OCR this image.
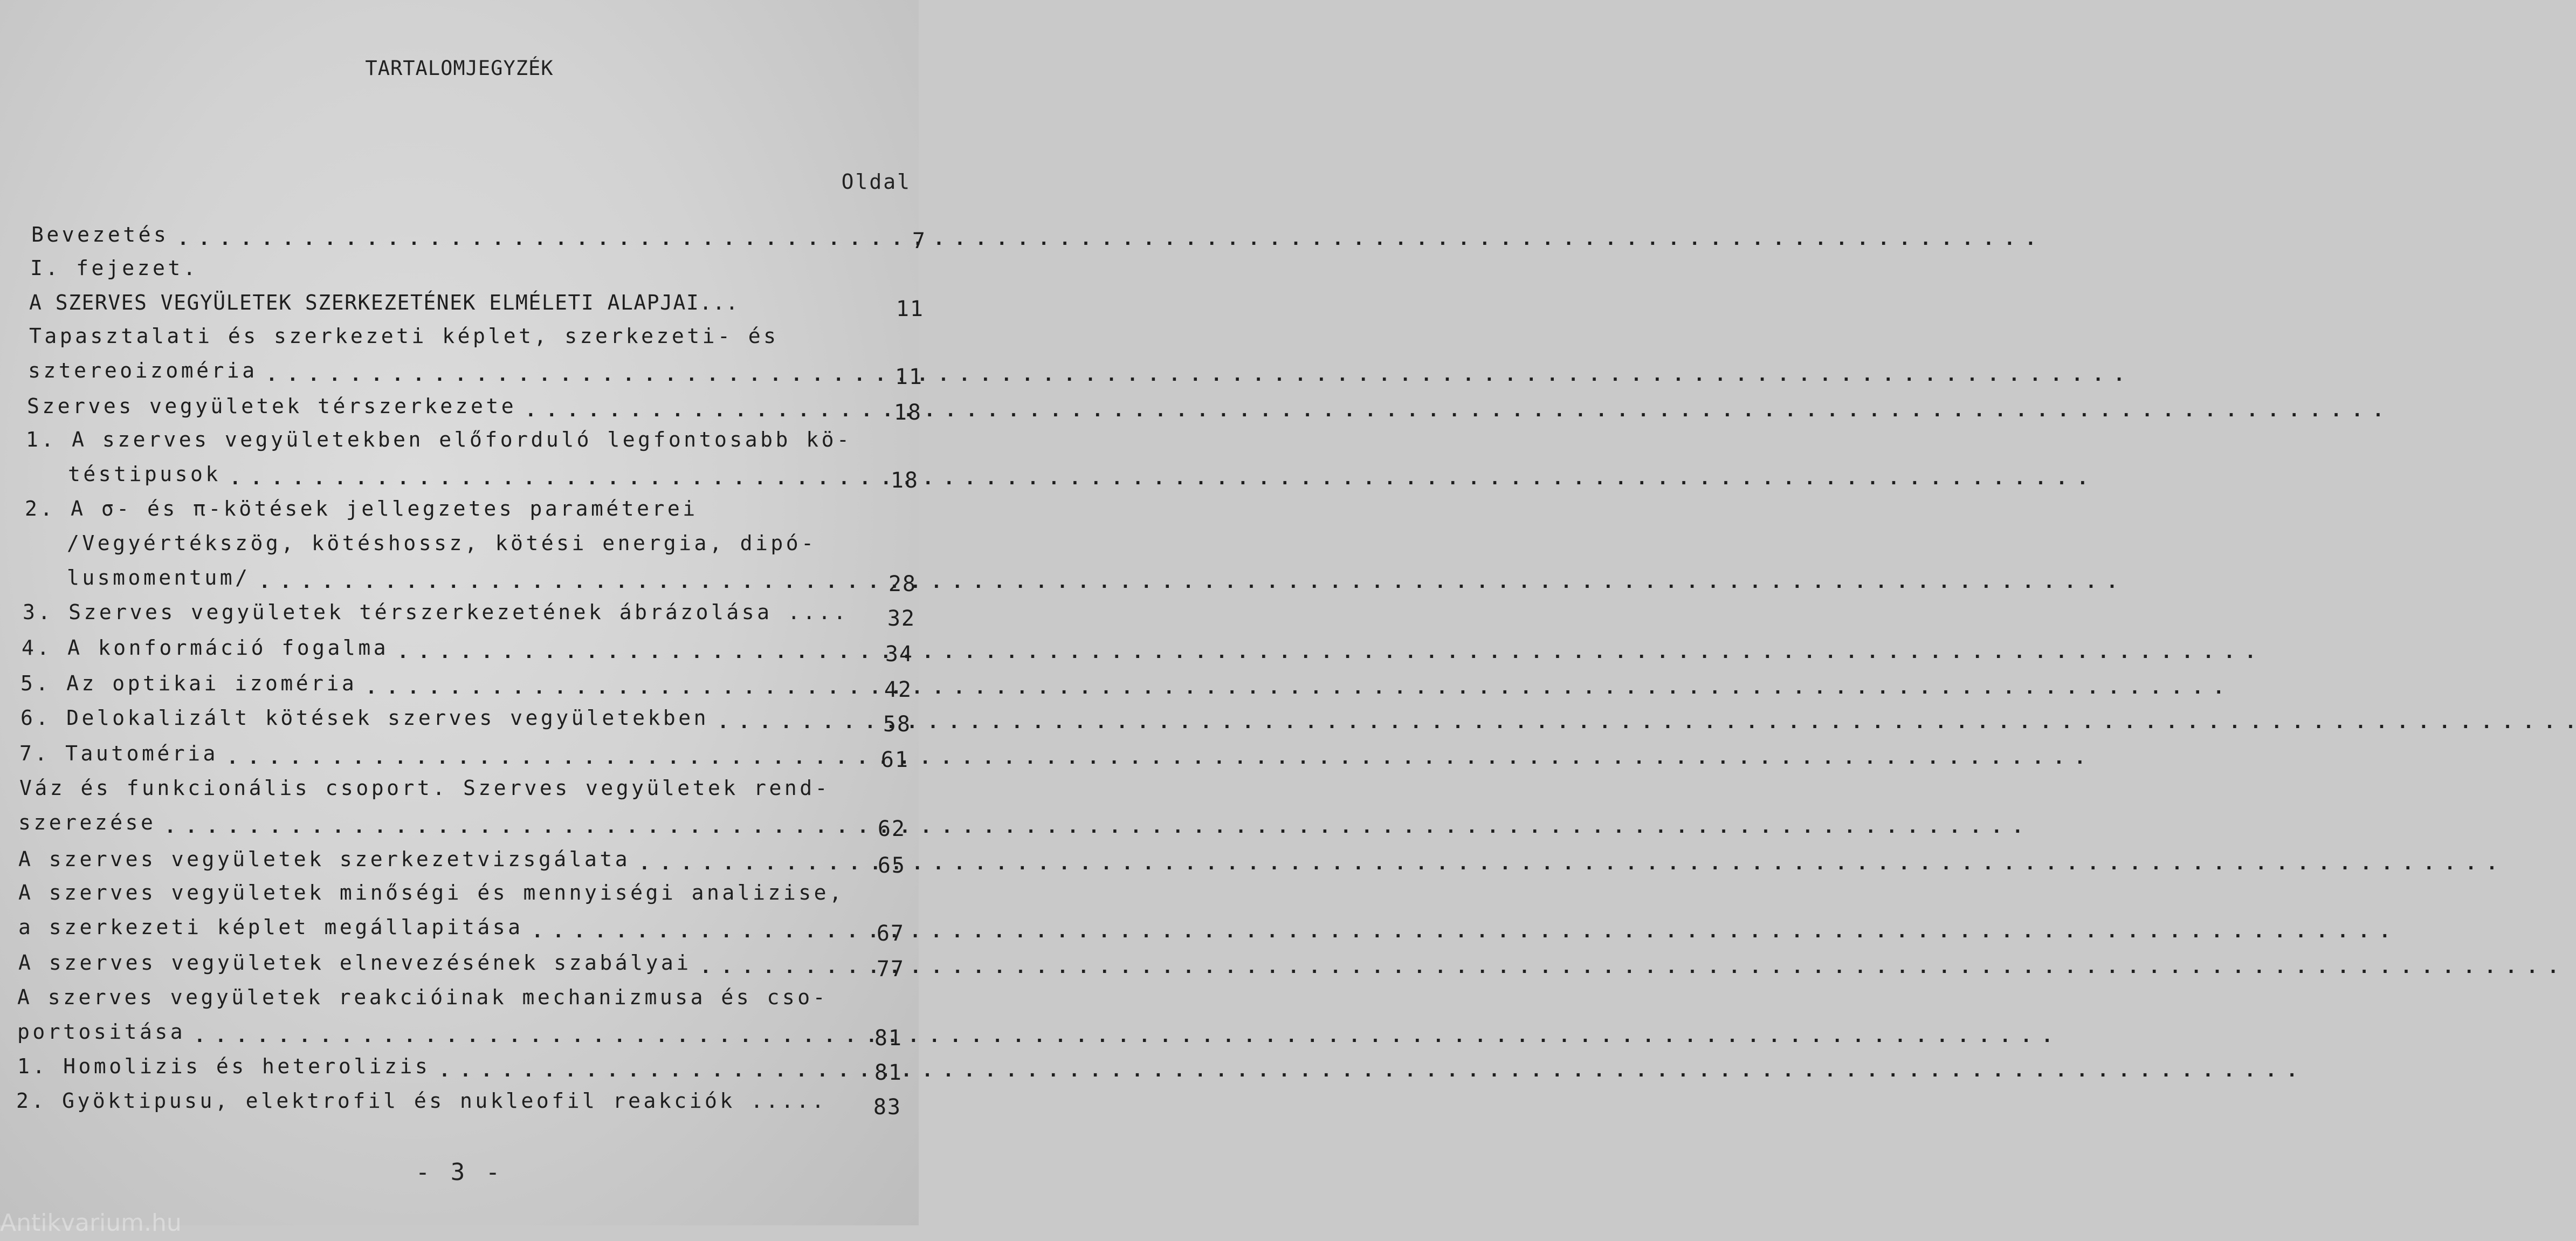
TARTALOMJEGYZÉK
Oldal
Bevezetés . . .	7
I. fejezet.
A SZERVES VEGYÜLETEK SZERKEZETÉNEK ELMÉLETI ALAPJAI...	11
Tapasztalati és szerkezeti képlet, szerkezeti- és
sztereoizoméria . . .	11
Szerves vegyületek térszerkezete . . .	18
1. A szerves vegyületekben előforduló legfontosabb kö-
téstipusok . . .	18
2. A σ- és π-kötések jellegzetes paraméterei
/Vegyértékszög, kötéshossz, kötési energia, dipó-
lusmomentum/ . . .	28
3. Szerves vegyületek térszerkezetének ábrázolása ....	32
4. A konformáció fogalma . . .	34
5. Az optikai izoméria . . .	42
6. Delokalizált kötések szerves vegyületekben . . .	58
7. Tautoméria . . .	61
Váz és funkcionális csoport. Szerves vegyületek rend-
szerezése . . .	62
A szerves vegyületek szerkezetvizsgálata . . .	65
A szerves vegyületek minőségi és mennyiségi analizise,
a szerkezeti képlet megállapitása . . .	67
A szerves vegyületek elnevezésének szabályai . . .	77
A szerves vegyületek reakcióinak mechanizmusa és cso-
portositása . . .	81
1. Homolizis és heterolizis . . .	81
2. Gyöktipusu, elektrofil és nukleofil reakciók .....	83
- 3 -
Antikvarium.hu
